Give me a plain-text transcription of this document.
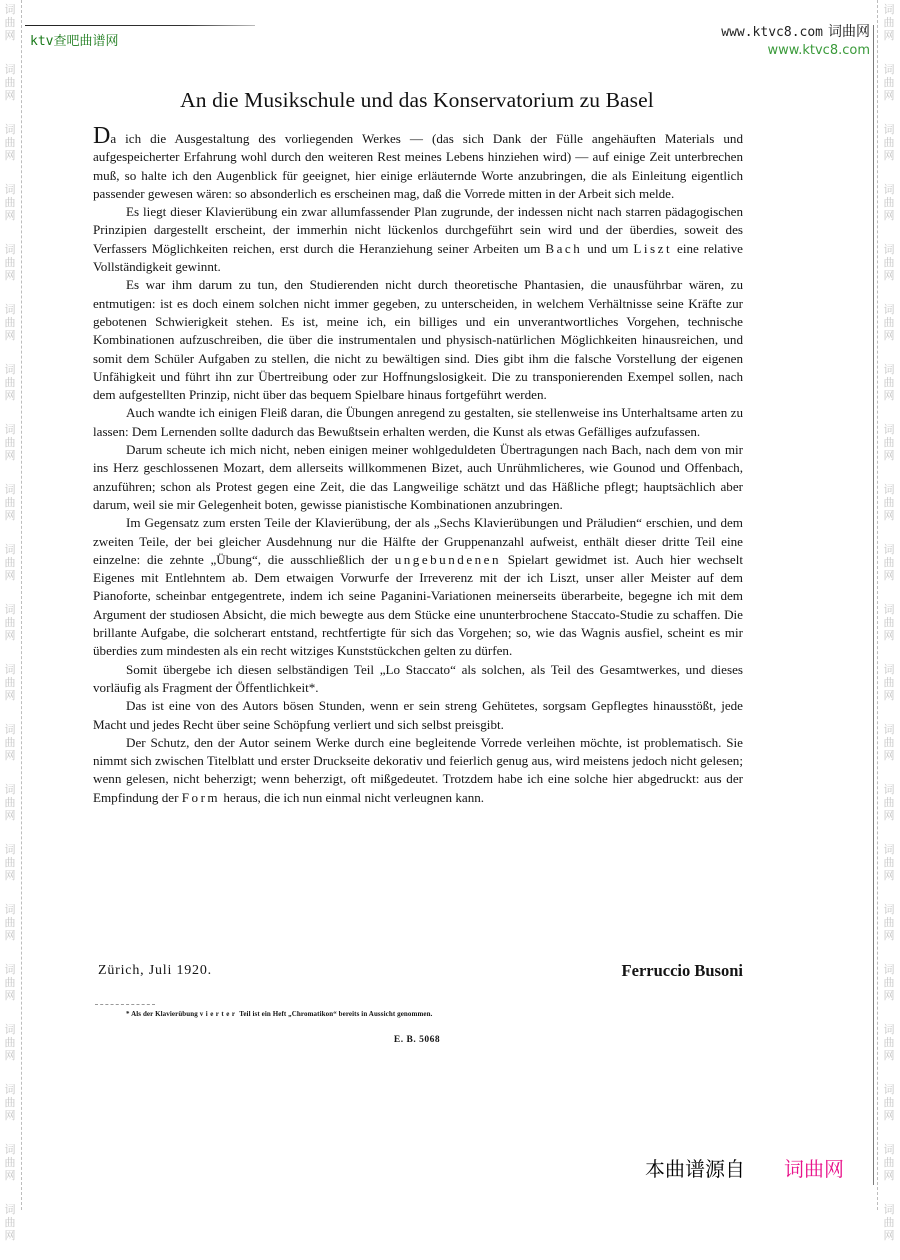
词
曲
网
词
曲
网
词
曲
网
词
曲
网
词
曲
网
词
曲
网
词
曲
网
词
曲
网
词
曲
网
词
曲
网
词
曲
网
词
曲
网
词
曲
网
词
曲
网
词
曲
网
词
曲
网
词
曲
网
词
曲
网
词
曲
网
词
曲
网
词
曲
网
词
曲
网
词
曲
网
词
曲
网
词
曲
网
词
曲
网
词
曲
网
词
曲
网
词
曲
网
词
曲
网
词
曲
网
词
曲
网
词
曲
网
词
曲
网
词
曲
网
词
曲
网
词
曲
网
词
曲
网
词
曲
网
词
曲
网
词
曲
网
词
曲
网
ktv查吧曲谱网
www.ktvc8.com 词曲网
www.ktvc8.com
An die Musikschule und das Konservatorium zu Basel

Da ich die Ausgestaltung des vorliegenden Werkes — (das sich Dank der Fülle angehäuften Materials und aufgespeicherter Erfahrung wohl durch den weiteren Rest meines Lebens hinziehen wird) — auf einige Zeit unterbrechen muß, so halte ich den Augenblick für geeignet, hier einige erläuternde Worte anzubringen, die als Einleitung eigentlich passender gewesen wären: so absonderlich es erscheinen mag, daß die Vorrede mitten in der Arbeit sich melde.

Es liegt dieser Klavierübung ein zwar allumfassender Plan zugrunde, der indessen nicht nach starren pädagogischen Prinzipien dargestellt erscheint, der immerhin nicht lückenlos durchgeführt sein wird und der überdies, soweit des Verfassers Möglichkeiten reichen, erst durch die Heranziehung seiner Arbeiten um Bach und um Liszt eine relative Vollständigkeit gewinnt.

Es war ihm darum zu tun, den Studierenden nicht durch theoretische Phantasien, die unausführbar wären, zu entmutigen: ist es doch einem solchen nicht immer gegeben, zu unterscheiden, in welchem Verhältnisse seine Kräfte zur gebotenen Schwierigkeit stehen. Es ist, meine ich, ein billiges und ein unverantwortliches Vorgehen, technische Kombinationen aufzuschreiben, die über die instrumentalen und physisch-natürlichen Möglichkeiten hinausreichen, und somit dem Schüler Aufgaben zu stellen, die nicht zu bewältigen sind. Dies gibt ihm die falsche Vorstellung der eigenen Unfähigkeit und führt ihn zur Übertreibung oder zur Hoffnungslosigkeit. Die zu transponierenden Exempel sollen, nach dem aufgestellten Prinzip, nicht über das bequem Spielbare hinaus fortgeführt werden.

Auch wandte ich einigen Fleiß daran, die Übungen anregend zu gestalten, sie stellenweise ins Unterhaltsame arten zu lassen: Dem Lernenden sollte dadurch das Bewußtsein erhalten werden, die Kunst als etwas Gefälliges aufzufassen.

Darum scheute ich mich nicht, neben einigen meiner wohlgeduldeten Übertragungen nach Bach, nach dem von mir ins Herz geschlossenen Mozart, dem allerseits willkommenen Bizet, auch Unrühmlicheres, wie Gounod und Offenbach, anzuführen; schon als Protest gegen eine Zeit, die das Langweilige schätzt und das Häßliche pflegt; hauptsächlich aber darum, weil sie mir Gelegenheit boten, gewisse pianistische Kombinationen anzubringen.

Im Gegensatz zum ersten Teile der Klavierübung, der als „Sechs Klavierübungen und Präludien“ erschien, und dem zweiten Teile, der bei gleicher Ausdehnung nur die Hälfte der Gruppenanzahl aufweist, enthält dieser dritte Teil eine einzelne: die zehnte „Übung“, die ausschließlich der ungebundenen Spielart gewidmet ist. Auch hier wechselt Eigenes mit Entlehntem ab. Dem etwaigen Vorwurfe der Irreverenz mit der ich Liszt, unser aller Meister auf dem Pianoforte, scheinbar entgegentrete, indem ich seine Paganini-Variationen meinerseits überarbeite, begegne ich mit dem Argument der studiosen Absicht, die mich bewegte aus dem Stücke eine ununterbrochene Staccato-Studie zu schaffen. Die brillante Aufgabe, die solcherart entstand, rechtfertigte für sich das Vorgehen; so, wie das Wagnis ausfiel, scheint es mir überdies zum mindesten als ein recht witziges Kunststückchen gelten zu dürfen.

Somit übergebe ich diesen selbständigen Teil „Lo Staccato“ als solchen, als Teil des Gesamtwerkes, und dieses vorläufig als Fragment der Öffentlichkeit*.

Das ist eine von des Autors bösen Stunden, wenn er sein streng Gehütetes, sorgsam Gepflegtes hinausstößt, jede Macht und jedes Recht über seine Schöpfung verliert und sich selbst preisgibt.

Der Schutz, den der Autor seinem Werke durch eine begleitende Vorrede verleihen möchte, ist problematisch. Sie nimmt sich zwischen Titelblatt und erster Druckseite dekorativ und feierlich genug aus, wird meistens jedoch nicht gelesen; wenn gelesen, nicht beherzigt; wenn beherzigt, oft mißgedeutet. Trotzdem habe ich eine solche hier abgedruckt: aus der Empfindung der Form heraus, die ich nun einmal nicht verleugnen kann.

Zürich, Juli 1920.	Ferruccio Busoni
* Als der Klavierübung vierter Teil ist ein Heft „Chromatikon“ bereits in Aussicht genommen.
E. B. 5068
本曲谱源自 词曲网
